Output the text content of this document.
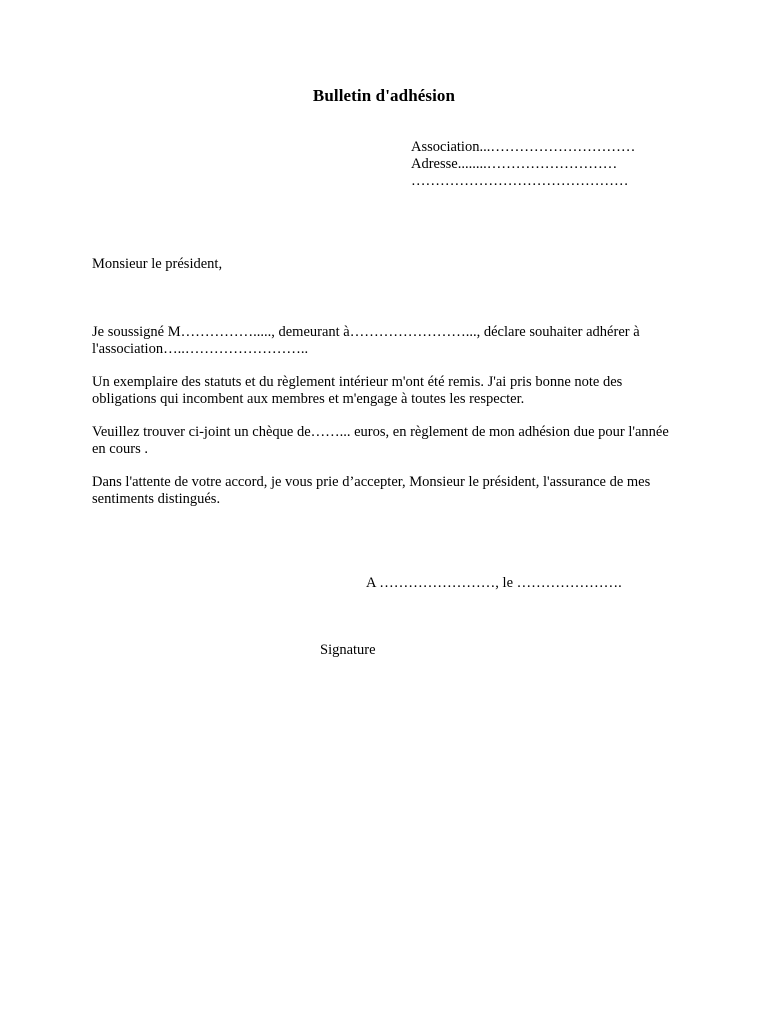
Bulletin d'adhésion
Association...…………………………
Adresse........………………………
………………………………………
Monsieur le président,
Je soussigné M……………....., demeurant à……………………..., déclare souhaiter adhérer à l'association…..……………………..
Un exemplaire des statuts et du règlement intérieur m'ont été remis. J'ai pris bonne note des obligations qui incombent aux membres et m'engage à toutes les respecter.
Veuillez trouver ci-joint un chèque de……... euros, en règlement de mon adhésion due pour l'année en cours .
Dans l'attente de votre accord, je vous prie d’accepter, Monsieur le président, l'assurance de mes sentiments distingués.
A ……………………, le ………………….
Signature
